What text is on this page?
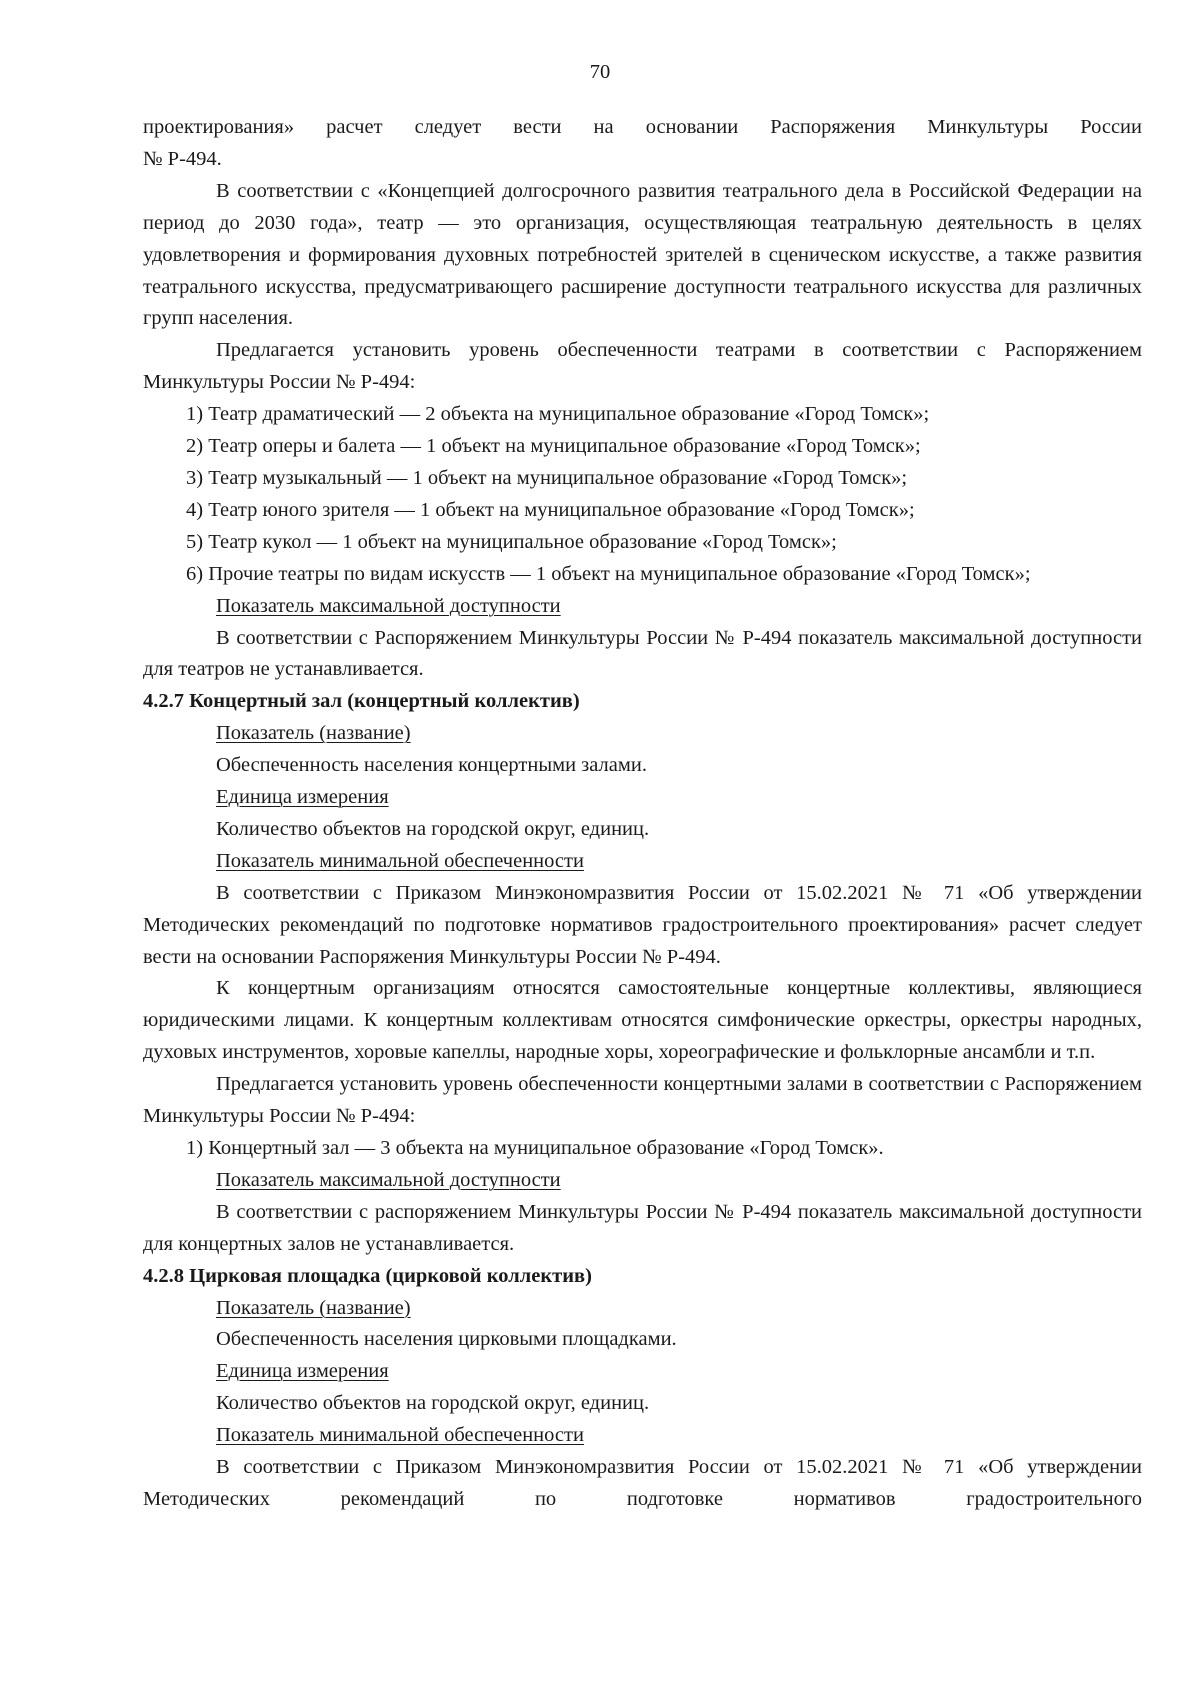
70

проектирования» расчет следует вести на основании Распоряжения Минкультуры России

№ Р-494.

В соответствии с «Концепцией долгосрочного развития театрального дела в Российской Федерации на период до 2030 года», театр — это организация, осуществляющая театральную деятельность в целях удовлетворения и формирования духовных потребностей зрителей в сценическом искусстве, а также развития театрального искусства, предусматривающего расширение доступности театрального искусства для различных групп населения.

Предлагается установить уровень обеспеченности театрами в соответствии с Распоряжением Минкультуры России № Р-494:

1) Театр драматический — 2 объекта на муниципальное образование «Город Томск»;

2) Театр оперы и балета — 1 объект на муниципальное образование «Город Томск»;

3) Театр музыкальный — 1 объект на муниципальное образование «Город Томск»;

4) Театр юного зрителя — 1 объект на муниципальное образование «Город Томск»;

5) Театр кукол — 1 объект на муниципальное образование «Город Томск»;

6) Прочие театры по видам искусств — 1 объект на муниципальное образование «Город Томск»;

Показатель максимальной доступности

В соответствии с Распоряжением Минкультуры России № Р-494 показатель максимальной доступности для театров не устанавливается.

4.2.7 Концертный зал (концертный коллектив)

Показатель (название)

Обеспеченность населения концертными залами.

Единица измерения

Количество объектов на городской округ, единиц.

Показатель минимальной обеспеченности

В соответствии с Приказом Минэкономразвития России от 15.02.2021 № 71 «Об утверждении Методических рекомендаций по подготовке нормативов градостроительного проектирования» расчет следует вести на основании Распоряжения Минкультуры России № Р-494.

К концертным организациям относятся самостоятельные концертные коллективы, являющиеся юридическими лицами. К концертным коллективам относятся симфонические оркестры, оркестры народных, духовых инструментов, хоровые капеллы, народные хоры, хореографические и фольклорные ансамбли и т.п.

Предлагается установить уровень обеспеченности концертными залами в соответствии с Распоряжением Минкультуры России № Р-494:

1) Концертный зал — 3 объекта на муниципальное образование «Город Томск».

Показатель максимальной доступности

В соответствии с распоряжением Минкультуры России № Р-494 показатель максимальной доступности для концертных залов не устанавливается.

4.2.8 Цирковая площадка (цирковой коллектив)

Показатель (название)

Обеспеченность населения цирковыми площадками.

Единица измерения

Количество объектов на городской округ, единиц.

Показатель минимальной обеспеченности

В соответствии с Приказом Минэкономразвития России от 15.02.2021 № 71 «Об утверждении Методических рекомендаций по подготовке нормативов градостроительного
